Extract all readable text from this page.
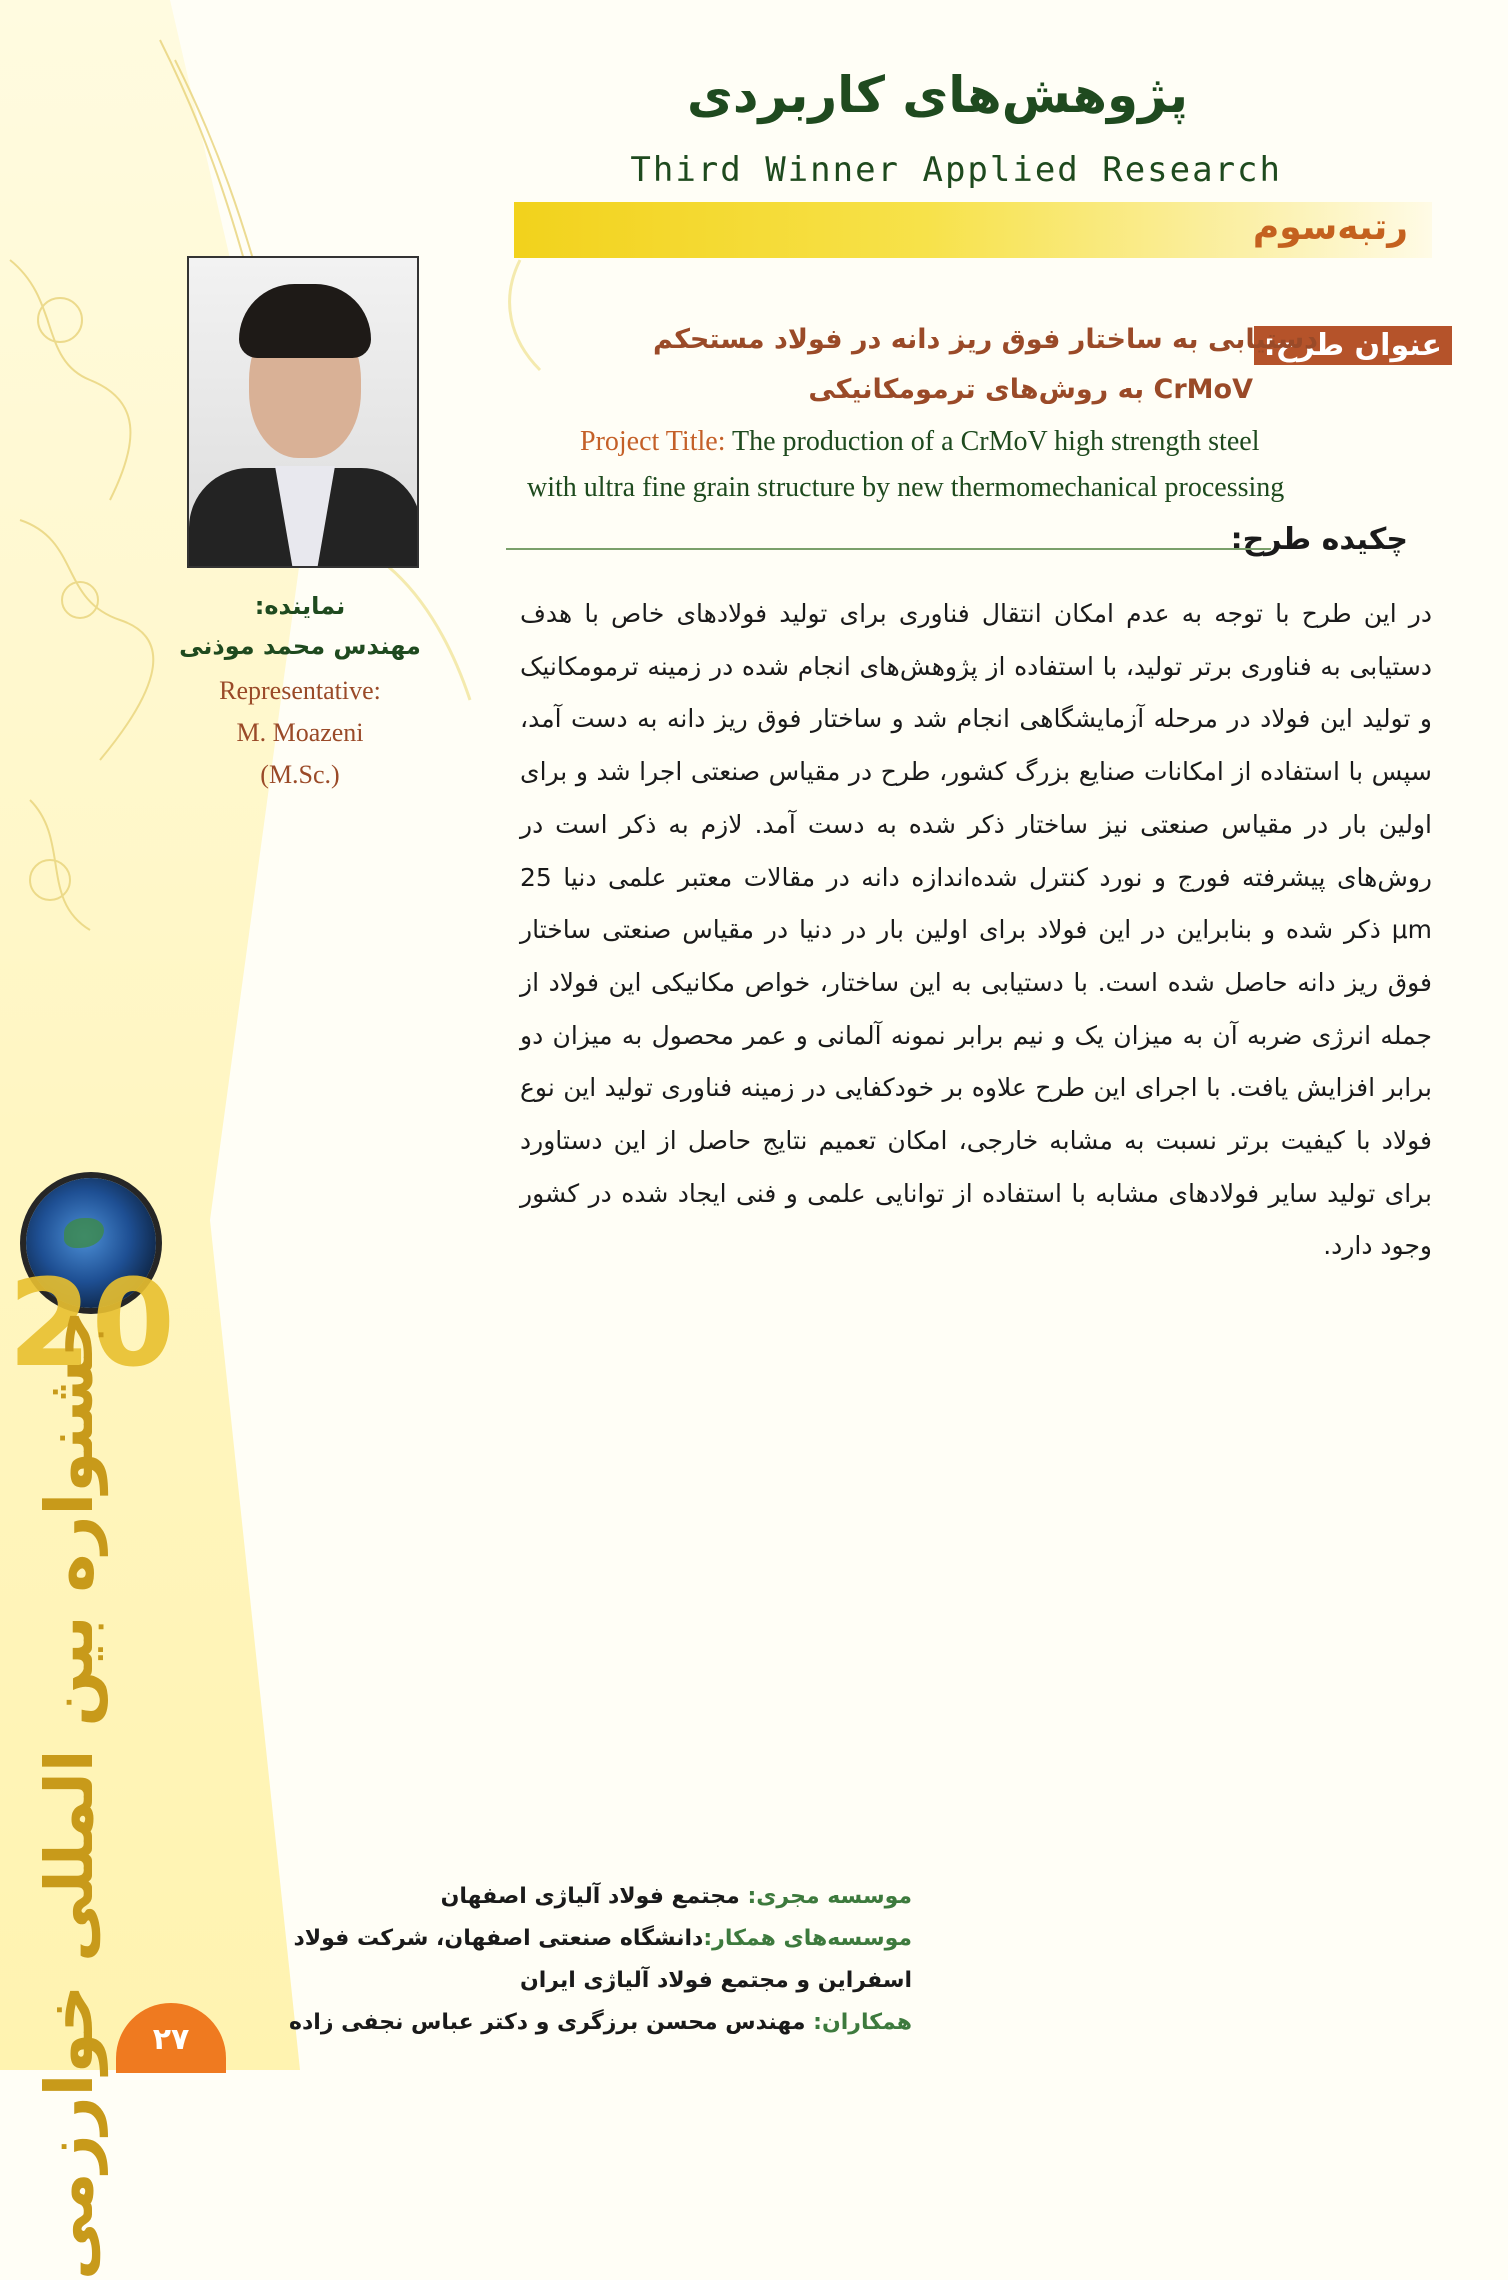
20
جشنواره بین المللی خوارزمی
پژوهش‌های کاربردی
Third Winner Applied Research
رتبه‌سوم
نماینده:
مهندس محمد موذنی
Representative:
M. Moazeni
(M.Sc.)
عنوان طرح:
دستیابی به ساختار فوق ریز دانه در فولاد مستحکم
CrMoV به روش‌های ترمومکانیکی
Project Title: The production of a CrMoV high strength steel
with ultra fine grain structure by new thermomechanical processing
چکیده طرح:
در این طرح با توجه به عدم امکان انتقال فناوری برای تولید فولادهای خاص با هدف دستیابی به فناوری برتر تولید، با استفاده از پژوهش‌های انجام شده در زمینه ترمومکانیک و تولید این فولاد در مرحله آزمایشگاهی انجام شد و ساختار فوق ریز دانه به دست آمد، سپس با استفاده از امکانات صنایع بزرگ کشور، طرح در مقیاس صنعتی اجرا شد و برای اولین بار در مقیاس صنعتی نیز ساختار ذکر شده به دست آمد. لازم به ذکر است در روش‌های پیشرفته فورج و نورد کنترل شده‌اندازه دانه در مقالات معتبر علمی دنیا 25 μm ذکر شده و بنابراین در این فولاد برای اولین بار در دنیا در مقیاس صنعتی ساختار فوق ریز دانه حاصل شده است. با دستیابی به این ساختار، خواص مکانیکی این فولاد از جمله انرژی ضربه آن به میزان یک و نیم برابر نمونه آلمانی و عمر محصول به میزان دو برابر افزایش یافت. با اجرای این طرح علاوه بر خودکفایی در زمینه فناوری تولید این نوع فولاد با کیفیت برتر نسبت به مشابه خارجی، امکان تعمیم نتایج حاصل از این دستاورد برای تولید سایر فولادهای مشابه با استفاده از توانایی علمی و فنی ایجاد شده در کشور وجود دارد.
موسسه مجری: مجتمع فولاد آلیاژی اصفهان
موسسه‌های همکار:دانشگاه صنعتی اصفهان، شرکت فولاد
اسفراین و مجتمع فولاد آلیاژی ایران
همکاران: مهندس محسن برزگری و دکتر عباس نجفی زاده
۲۷
